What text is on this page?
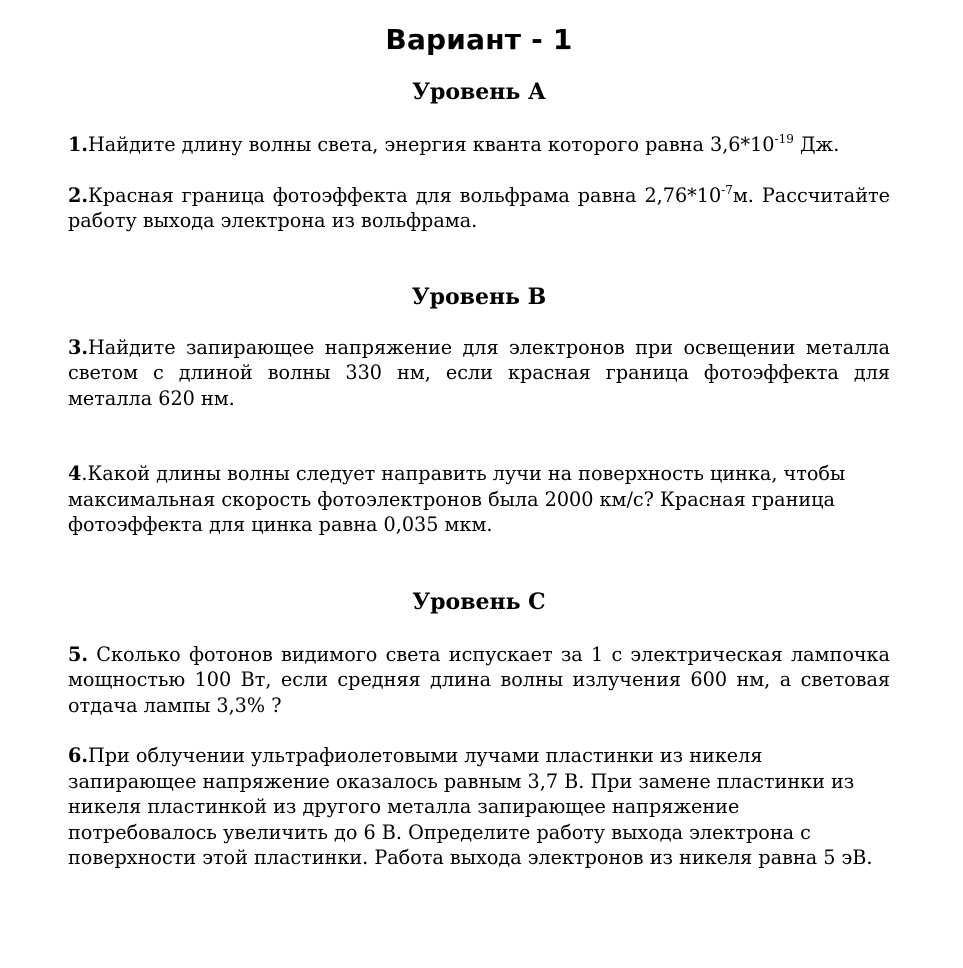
Вариант - 1
Уровень А

1.Найдите длину волны света, энергия кванта которого равна $3,6*10^{-19}$ Дж.

2.Красная граница фотоэффекта для вольфрама равна $2,76*10^{-7}м$. Рассчитайте работу выхода электрона из вольфрама.

Уровень В

3.Найдите запирающее напряжение для электронов при освещении металла светом с длиной волны 330 нм, если красная граница фотоэффекта для металла 620 нм.

4.Какой длины волны следует направить лучи на поверхность цинка, чтобы максимальная скорость фотоэлектронов была 2000 км/с? Красная граница фотоэффекта для цинка равна 0,035 мкм.

Уровень С

5. Сколько фотонов видимого света испускает за 1 с электрическая лампочка мощностью 100 Вт, если средняя длина волны излучения 600 нм, а световая отдача лампы 3,3% ?

6.При облучении ультрафиолетовыми лучами пластинки из никеля запирающее напряжение оказалось равным 3,7 В. При замене пластинки из никеля пластинкой из другого металла запирающее напряжение потребовалось увеличить до 6 В. Определите работу выхода электрона с поверхности этой пластинки. Работа выхода электронов из никеля равна 5 эВ.
